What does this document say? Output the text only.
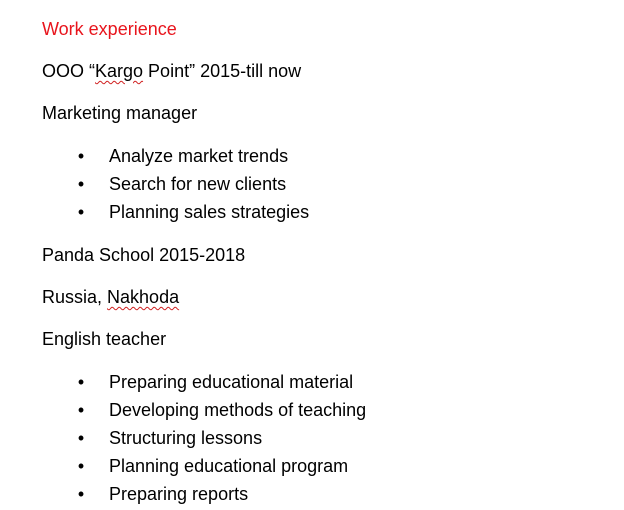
Work experience

OOO “Kargo Point” 2015-till now

Marketing manager

• Analyze market trends
• Search for new clients
• Planning sales strategies

Panda School 2015-2018

Russia, Nakhoda

English teacher

• Preparing educational material
• Developing methods of teaching
• Structuring lessons
• Planning educational program
• Preparing reports
